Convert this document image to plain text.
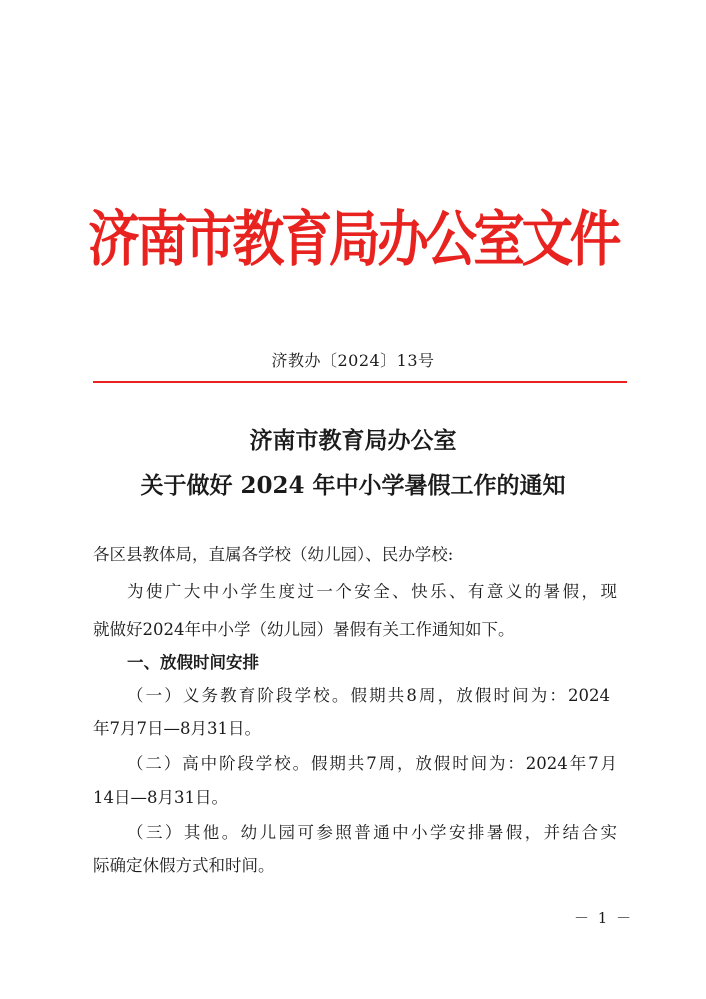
济南市教育局办公室文件
济教办〔2024〕13号
济南市教育局办公室
关于做好 2024 年中小学暑假工作的通知
各区县教体局，直属各学校（幼儿园）、民办学校:
为使广大中小学生度过一个安全、快乐、有意义的暑假，现
就做好2024年中小学（幼儿园）暑假有关工作通知如下。
一、放假时间安排
（一）义务教育阶段学校。假期共8周，放假时间为：2024
年7月7日—8月31日。
（二）高中阶段学校。假期共7周，放假时间为：2024年7月
14日—8月31日。
（三）其他。幼儿园可参照普通中小学安排暑假，并结合实
际确定休假方式和时间。
－ 1 －
